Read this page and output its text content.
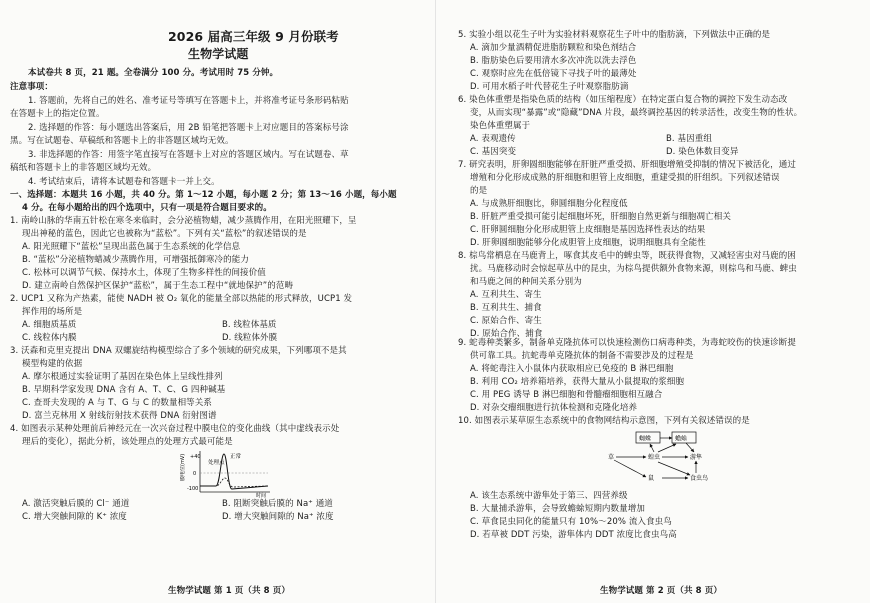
2026 届高三年级 9 月份联考
生物学试题
本试卷共 8 页，21 题。全卷满分 100 分。考试用时 75 分钟。
注意事项：
1. 答题前，先将自己的姓名、准考证号等填写在答题卡上，并将准考证号条形码粘贴
在答题卡上的指定位置。
2. 选择题的作答：每小题选出答案后，用 2B 铅笔把答题卡上对应题目的答案标号涂
黑。写在试题卷、草稿纸和答题卡上的非答题区域均无效。
3. 非选择题的作答：用签字笔直接写在答题卡上对应的答题区域内。写在试题卷、草
稿纸和答题卡上的非答题区域均无效。
4. 考试结束后，请将本试题卷和答题卡一并上交。
一、选择题：本题共 16 小题，共 40 分。第 1～12 小题，每小题 2 分；第 13～16 小题，每小题
4 分。在每小题给出的四个选项中，只有一项是符合题目要求的。
1. 南岭山脉的华南五针松在寒冬来临时，会分泌植物蜡，减少蒸腾作用，在阳光照耀下，呈
现出神秘的蓝色，因此它也被称为“蓝松”。下列有关“蓝松”的叙述错误的是
A. 阳光照耀下“蓝松”呈现出蓝色属于生态系统的化学信息
B. “蓝松”分泌植物蜡减少蒸腾作用，可增强抵御寒冷的能力
C. 松林可以调节气候、保持水土，体现了生物多样性的间接价值
D. 建立南岭自然保护区保护“蓝松”，属于生态工程中“就地保护”的范畴
2. UCP1 又称为产热素，能使 NADH 被 O₂ 氧化的能量全部以热能的形式释放，UCP1 发
挥作用的场所是
A. 细胞质基质	B. 线粒体基质
C. 线粒体内膜	D. 线粒体外膜
3. 沃森和克里克提出 DNA 双螺旋结构模型综合了多个领域的研究成果，下列哪项不是其
模型构建的依据
A. 摩尔根通过实验证明了基因在染色体上呈线性排列
B. 早期科学家发现 DNA 含有 A、T、C、G 四种碱基
C. 查哥夫发现的 A 与 T、G 与 C 的数量相等关系
D. 富兰克林用 X 射线衍射技术获得 DNA 衍射图谱
4. 如图表示某种处理前后神经元在一次兴奋过程中膜电位的变化曲线（其中虚线表示处
理后的变化），据此分析，该处理点的处理方式最可能是
膜电位(mV) +40
0
-100
处理点
正常
时间
A. 激活突触后膜的 Cl⁻ 通道	B. 阻断突触后膜的 Na⁺ 通道
C. 增大突触间隙的 K⁺ 浓度	D. 增大突触间隙的 Na⁺ 浓度
生物学试题 第 1 页（共 8 页）
5. 实验小组以花生子叶为实验材料观察花生子叶中的脂肪滴，下列做法中正确的是
A. 滴加少量酒精促进脂肪颗粒和染色剂结合
B. 脂肪染色后要用清水多次冲洗以洗去浮色
C. 观察时应先在低倍镜下寻找子叶的最薄处
D. 可用水稻子叶代替花生子叶观察脂肪滴
6. 染色体重塑是指染色质的结构（如压缩程度）在特定蛋白复合物的调控下发生动态改
变，从而实现“暴露”或“隐藏”DNA 片段，最终调控基因的转录活性，改变生物的性状。
染色体重塑属于
A. 表观遗传	B. 基因重组
C. 基因突变	D. 染色体数目变异
7. 研究表明，肝卵圆细胞能够在肝脏严重受损、肝细胞增殖受抑制的情况下被活化，通过
增殖和分化形成成熟的肝细胞和胆管上皮细胞，重建受损的肝组织。下列叙述错误
的是
A. 与成熟肝细胞比，卵圆细胞分化程度低
B. 肝脏严重受损可能引起细胞坏死，肝细胞自然更新与细胞凋亡相关
C. 肝卵圆细胞分化形成胆管上皮细胞是基因选择性表达的结果
D. 肝卵圆细胞能够分化成胆管上皮细胞，说明细胞具有全能性
8. 棕鸟常栖息在马鹿背上，啄食其皮毛中的蜱虫等，既获得食物，又减轻害虫对马鹿的困
扰。马鹿移动时会惊起草丛中的昆虫，为棕鸟提供额外食物来源，则棕鸟和马鹿、蜱虫
和马鹿之间的种间关系分别为
A. 互利共生、寄生
B. 互利共生、捕食
C. 原始合作、寄生
D. 原始合作、捕食
9. 蛇毒种类繁多，制备单克隆抗体可以快速检测伤口病毒种类，为毒蛇咬伤的快速诊断提
供可靠工具。抗蛇毒单克隆抗体的制备不需要涉及的过程是
A. 将蛇毒注入小鼠体内获取相应已免疫的 B 淋巴细胞
B. 利用 CO₂ 培养箱培养，获得大量从小鼠提取的浆细胞
C. 用 PEG 诱导 B 淋巴细胞和骨髓瘤细胞相互融合
D. 对杂交瘤细胞进行抗体检测和克隆化培养
10. 如图表示某草原生态系统中的食物网结构示意图，下列有关叙述错误的是
蜘蛛	蟾蜍
草	蝗虫	游隼
鼠	食虫鸟
A. 该生态系统中游隼处于第三、四营养级
B. 大量捕杀游隼，会导致蟾蜍短期内数量增加
C. 草食昆虫同化的能量只有 10%～20% 流入食虫鸟
D. 若草被 DDT 污染，游隼体内 DDT 浓度比食虫鸟高
生物学试题 第 2 页（共 8 页）
